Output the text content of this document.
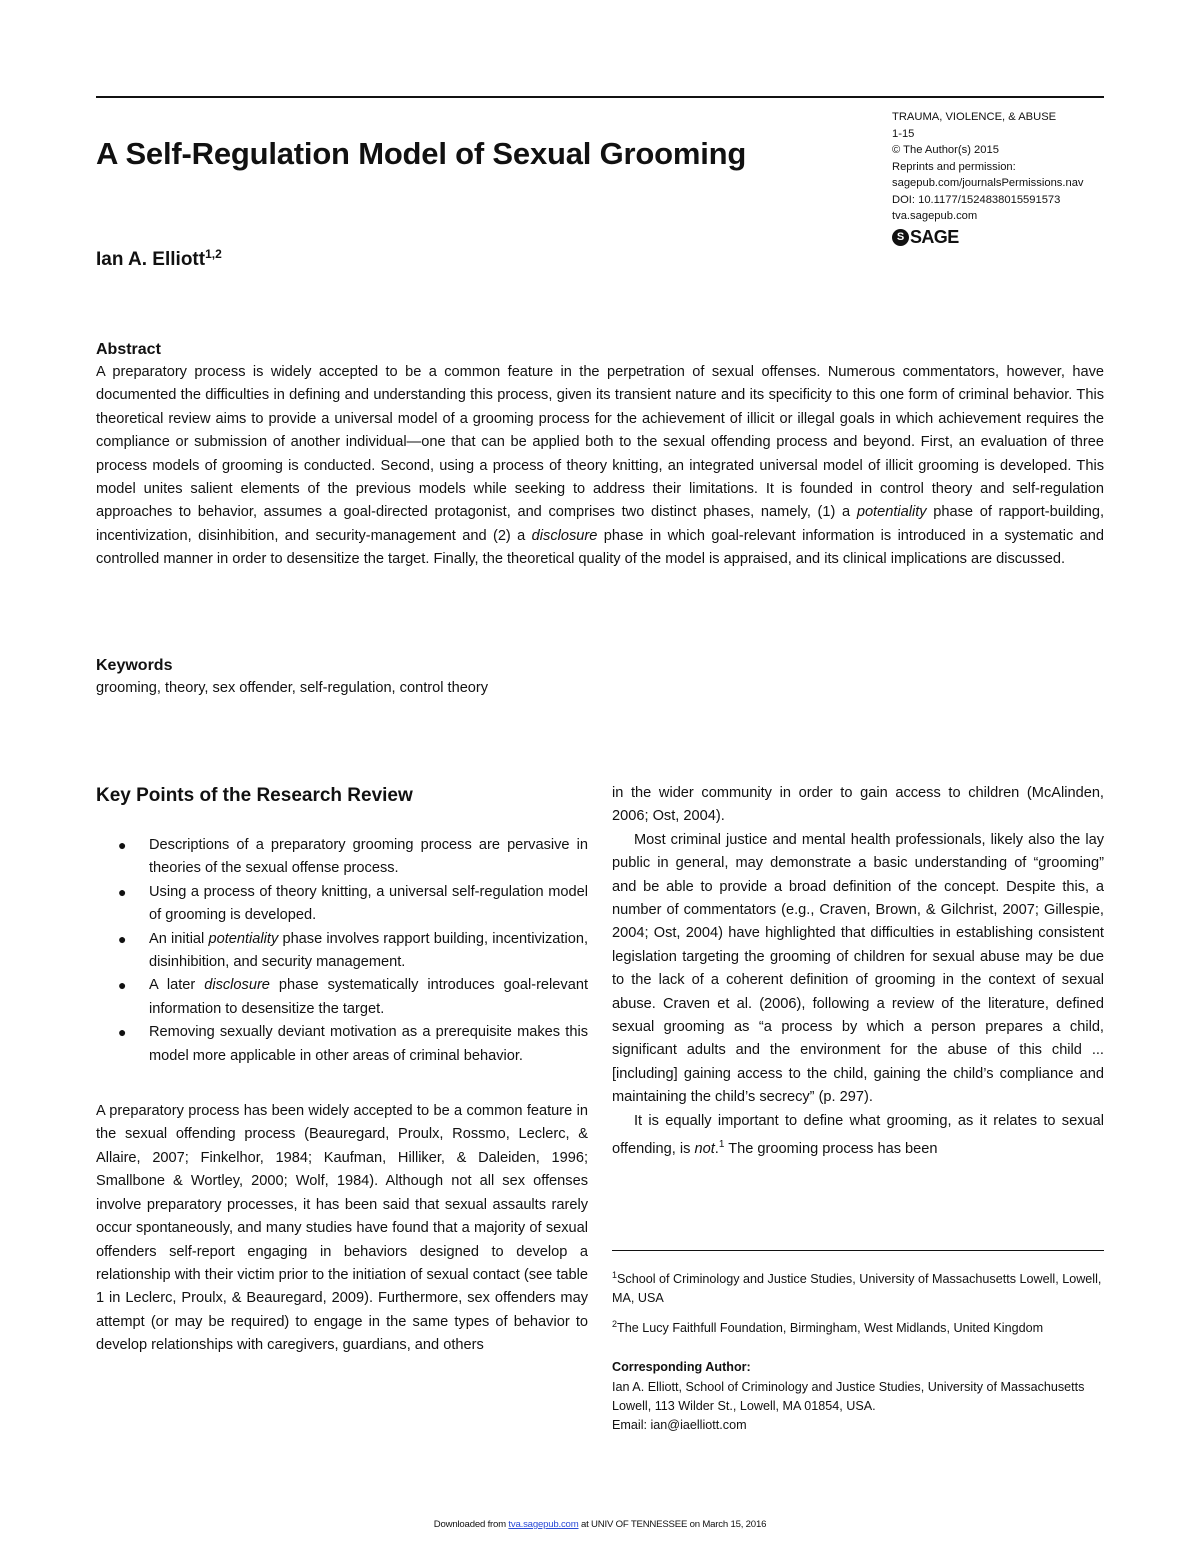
A Self-Regulation Model of Sexual Grooming

Ian A. Elliott$^{1,2}$

TRAUMA, VIOLENCE, & ABUSE
1-15
© The Author(s) 2015
Reprints and permission:
sagepub.com/journalsPermissions.nav
DOI: 10.1177/1524838015591573
tva.sagepub.com
S SAGE
Abstract

A preparatory process is widely accepted to be a common feature in the perpetration of sexual offenses. Numerous commentators, however, have documented the difficulties in defining and understanding this process, given its transient nature and its specificity to this one form of criminal behavior. This theoretical review aims to provide a universal model of a grooming process for the achievement of illicit or illegal goals in which achievement requires the compliance or submission of another individual—one that can be applied both to the sexual offending process and beyond. First, an evaluation of three process models of grooming is conducted. Second, using a process of theory knitting, an integrated universal model of illicit grooming is developed. This model unites salient elements of the previous models while seeking to address their limitations. It is founded in control theory and self-regulation approaches to behavior, assumes a goal-directed protagonist, and comprises two distinct phases, namely, (1) a potentiality phase of rapport-building, incentivization, disinhibition, and security-management and (2) a disclosure phase in which goal-relevant information is introduced in a systematic and controlled manner in order to desensitize the target. Finally, the theoretical quality of the model is appraised, and its clinical implications are discussed.

Keywords

grooming, theory, sex offender, self-regulation, control theory

Key Points of the Research Review
● Descriptions of a preparatory grooming process are pervasive in theories of the sexual offense process.
● Using a process of theory knitting, a universal self-regulation model of grooming is developed.
● An initial potentiality phase involves rapport building, incentivization, disinhibition, and security management.
● A later disclosure phase systematically introduces goal-relevant information to desensitize the target.
● Removing sexually deviant motivation as a prerequisite makes this model more applicable in other areas of criminal behavior.

A preparatory process has been widely accepted to be a common feature in the sexual offending process (Beauregard, Proulx, Rossmo, Leclerc, & Allaire, 2007; Finkelhor, 1984; Kaufman, Hilliker, & Daleiden, 1996; Smallbone & Wortley, 2000; Wolf, 1984). Although not all sex offenses involve preparatory processes, it has been said that sexual assaults rarely occur spontaneously, and many studies have found that a majority of sexual offenders self-report engaging in behaviors designed to develop a relationship with their victim prior to the initiation of sexual contact (see table 1 in Leclerc, Proulx, & Beauregard, 2009). Furthermore, sex offenders may attempt (or may be required) to engage in the same types of behavior to develop relationships with caregivers, guardians, and others

in the wider community in order to gain access to children (McAlinden, 2006; Ost, 2004).

Most criminal justice and mental health professionals, likely also the lay public in general, may demonstrate a basic understanding of “grooming” and be able to provide a broad definition of the concept. Despite this, a number of commentators (e.g., Craven, Brown, & Gilchrist, 2007; Gillespie, 2004; Ost, 2004) have highlighted that difficulties in establishing consistent legislation targeting the grooming of children for sexual abuse may be due to the lack of a coherent definition of grooming in the context of sexual abuse. Craven et al. (2006), following a review of the literature, defined sexual grooming as “a process by which a person prepares a child, significant adults and the environment for the abuse of this child ... [including] gaining access to the child, gaining the child’s compliance and maintaining the child’s secrecy” (p. 297).

It is equally important to define what grooming, as it relates to sexual offending, is not.$^1$ The grooming process has been

$^1$School of Criminology and Justice Studies, University of Massachusetts Lowell, Lowell, MA, USA
$^2$The Lucy Faithfull Foundation, Birmingham, West Midlands, United Kingdom
Corresponding Author:
Ian A. Elliott, School of Criminology and Justice Studies, University of Massachusetts Lowell, 113 Wilder St., Lowell, MA 01854, USA.
Email: ian@iaelliott.com
Downloaded from tva.sagepub.com at UNIV OF TENNESSEE on March 15, 2016
